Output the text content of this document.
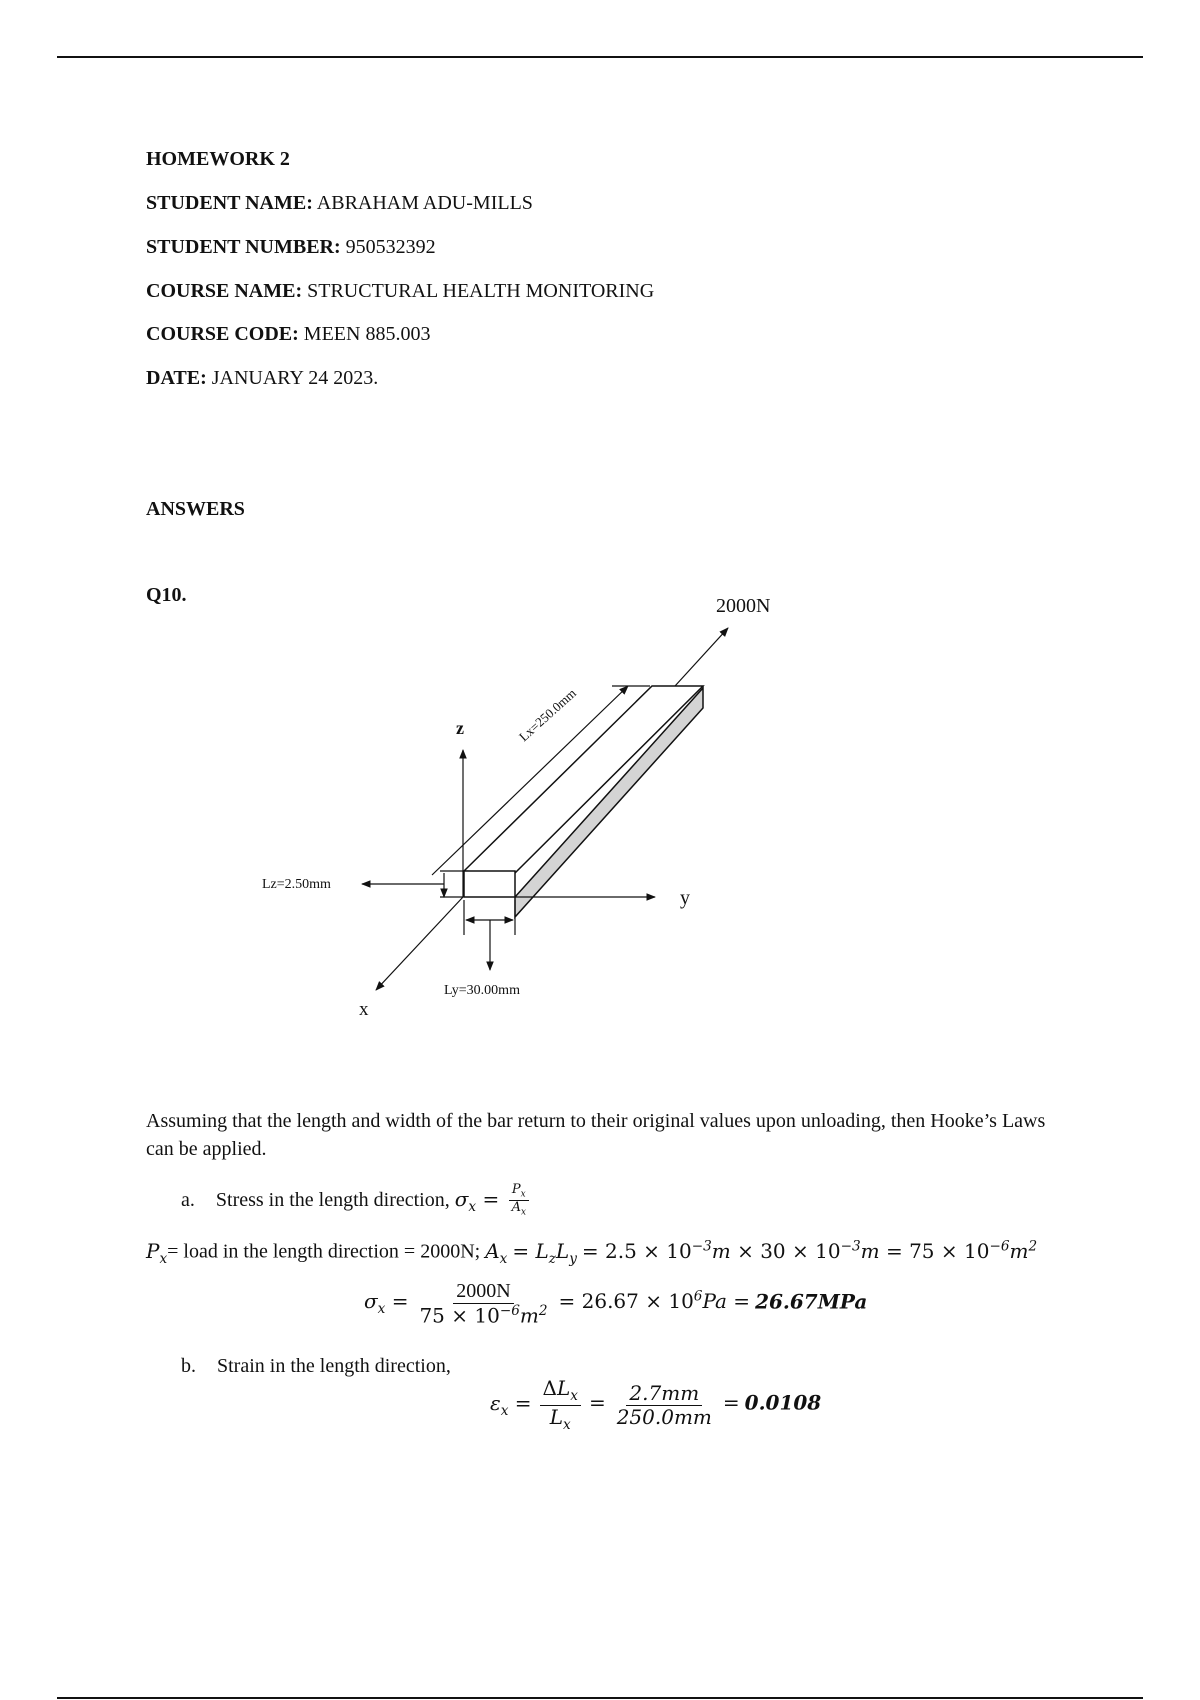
HOMEWORK 2
STUDENT NAME: ABRAHAM ADU-MILLS
STUDENT NUMBER: 950532392
COURSE NAME: STRUCTURAL HEALTH MONITORING
COURSE CODE: MEEN 885.003
DATE: JANUARY 24 2023.
ANSWERS
Q10.	2000N
Lx=250.0mm
z
y
x
Lz=2.50mm
Ly=30.00mm
Assuming that the length and width of the bar return to their original values upon unloading, then Hooke’s Laws can be applied.
a. Stress in the length direction, $\sigma_x = \frac{P_x}{A_x}$
$P_x=$ load in the length direction = 2000N; $A_x = L_zL_y = 2.5 \times 10^{-3}m \times 30 \times 10^{-3}m = 75 \times 10^{-6}m^2$
$\sigma_x = \frac{2000N}{75 \times 10^{-6}m^2} = 26.67 \times 10^6Pa = 26.67MPa$
b. Strain in the length direction,
$\varepsilon_x = \frac{\Delta L_x}{L_x} = \frac{2.7mm}{250.0mm} = 0.0108$
